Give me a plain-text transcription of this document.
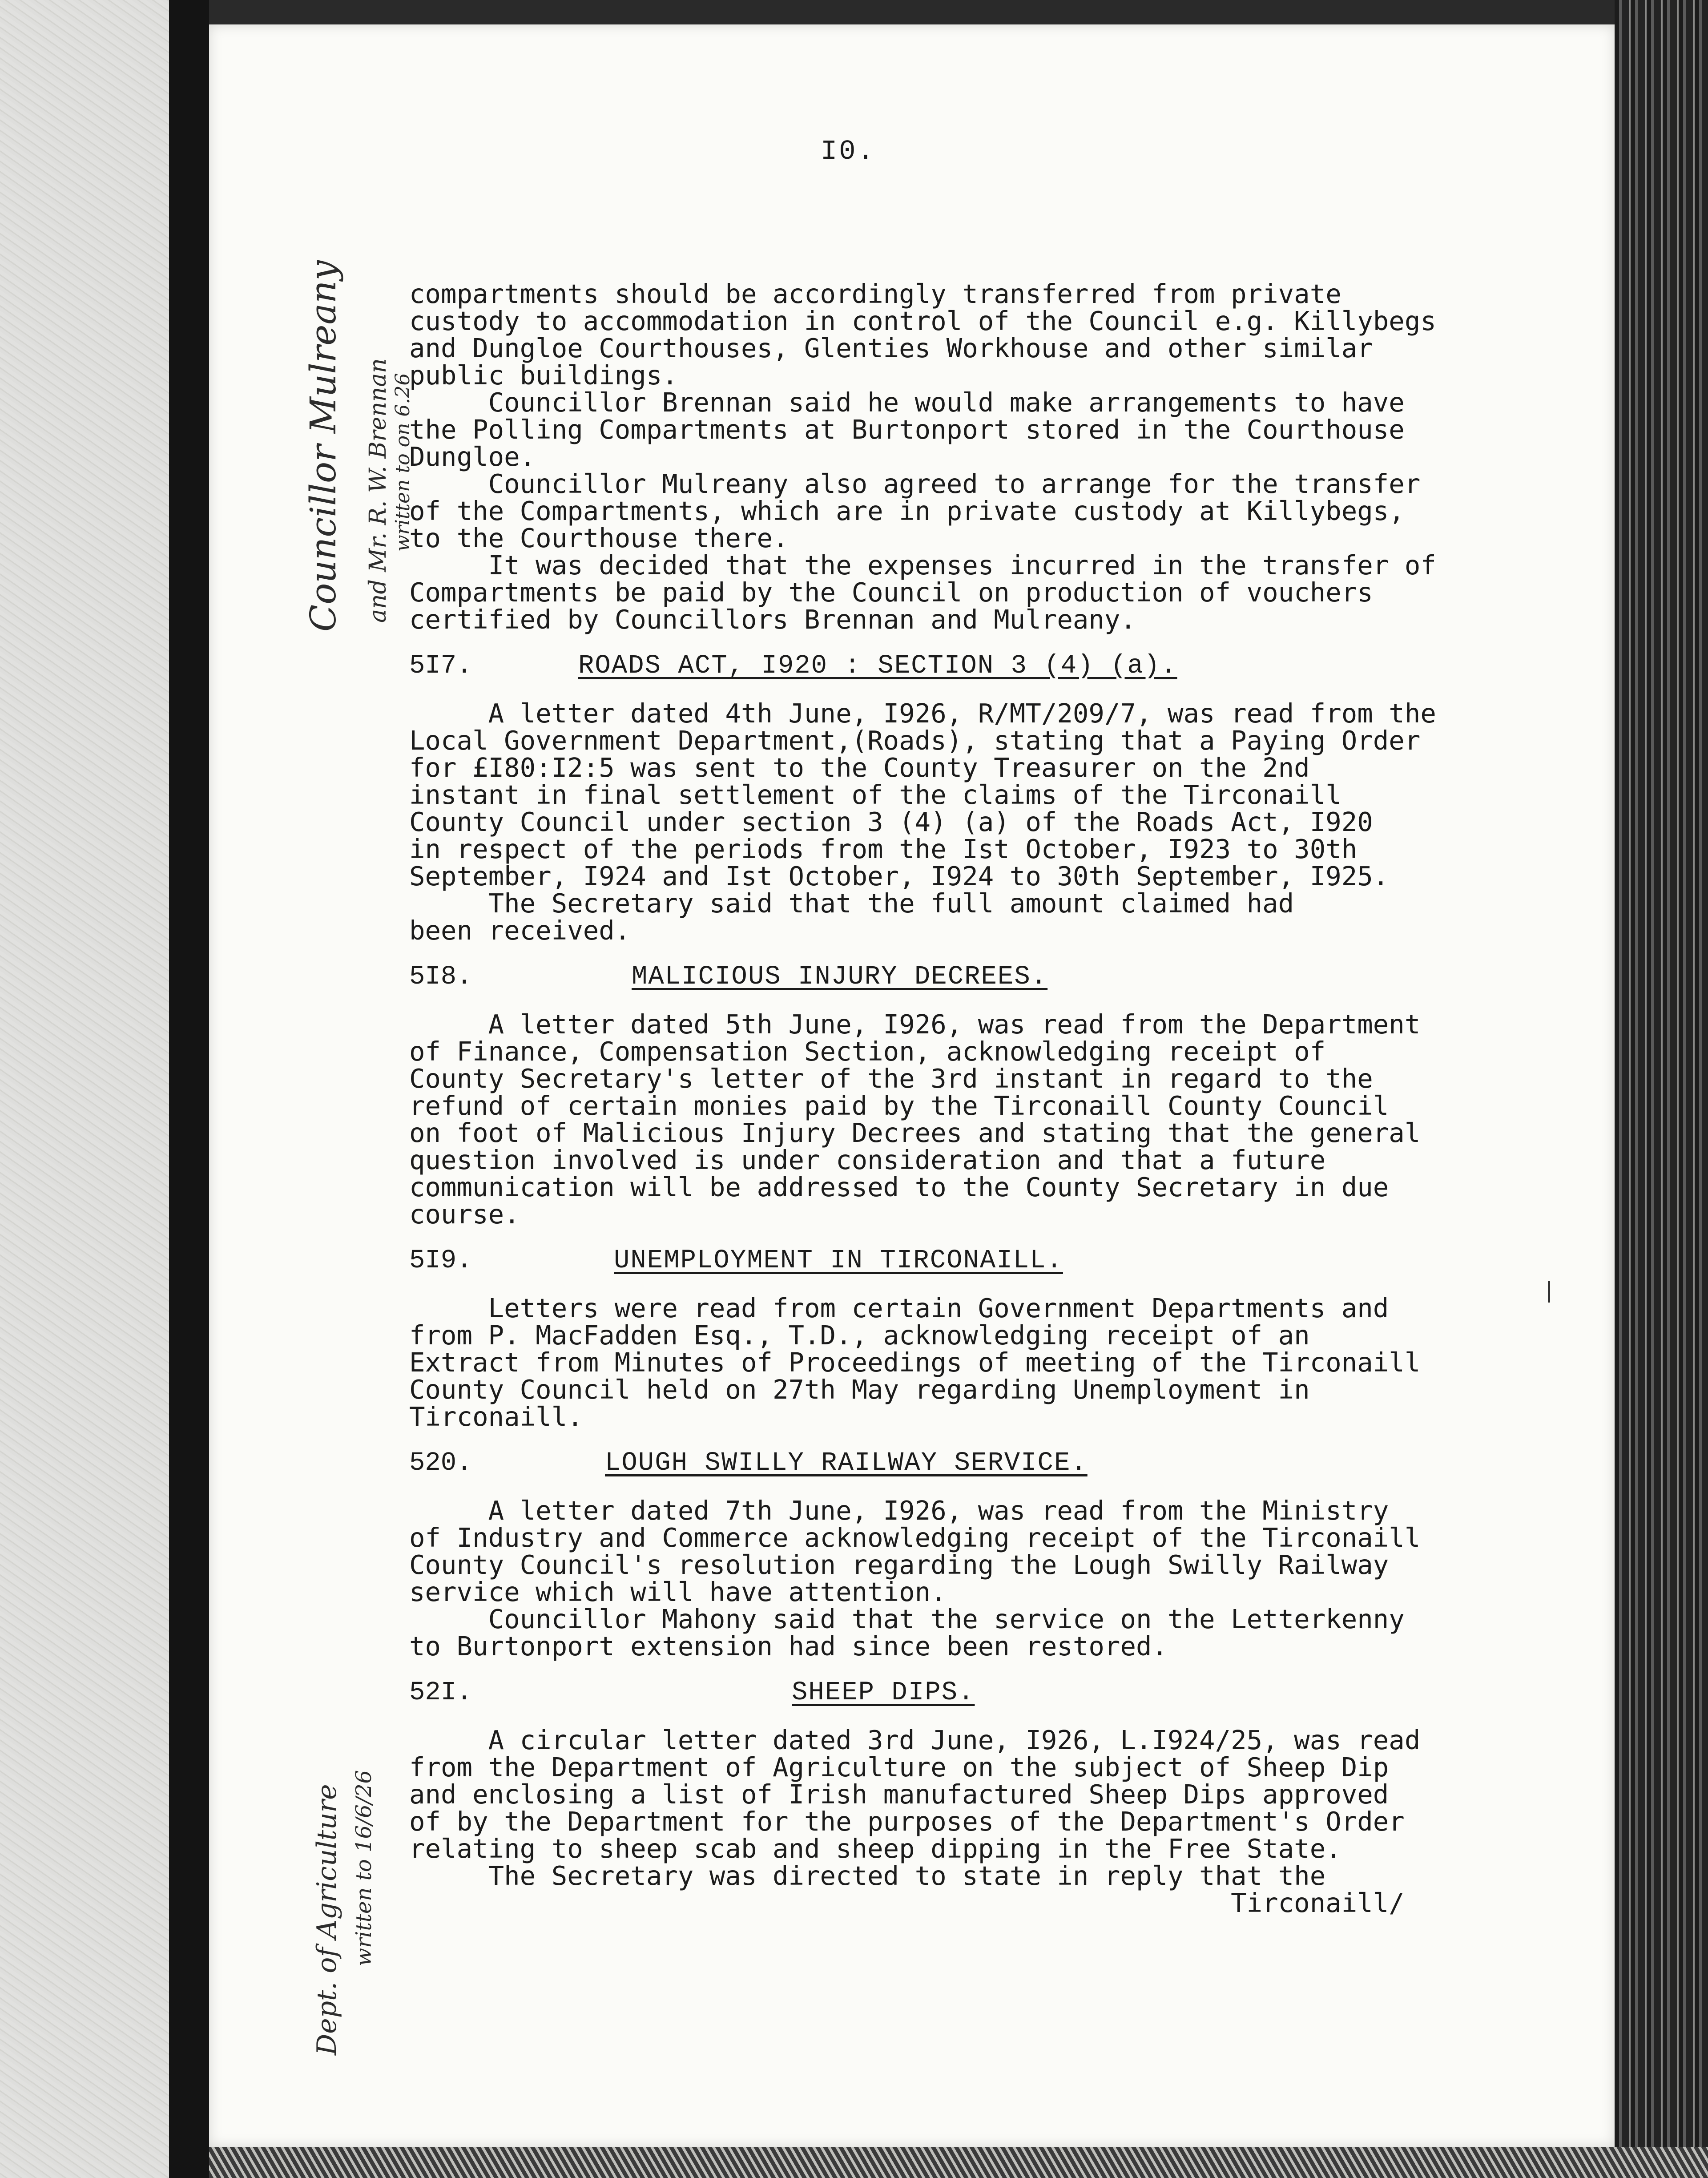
I0.
Councillor Mulreany and Mr. R. W. Brennan written to on 6.26
Dept. of Agriculture written to 16/6/26
compartments should be accordingly transferred from private
custody to accommodation in control of the Council e.g. Killybegs
and Dungloe Courthouses, Glenties Workhouse and other similar
public buildings.
Councillor Brennan said he would make arrangements to have
the Polling Compartments at Burtonport stored in the Courthouse
Dungloe.
Councillor Mulreany also agreed to arrange for the transfer
of the Compartments, which are in private custody at Killybegs,
to the Courthouse there.
It was decided that the expenses incurred in the transfer of
Compartments be paid by the Council on production of vouchers
certified by Councillors Brennan and Mulreany.
5I7.	ROADS ACT, I920 : SECTION 3 (4) (a).
A letter dated 4th June, I926, R/MT/209/7, was read from the
Local Government Department,(Roads), stating that a Paying Order
for £I80:I2:5 was sent to the County Treasurer on the 2nd
instant in final settlement of the claims of the Tirconaill
County Council under section 3 (4) (a) of the Roads Act, I920
in respect of the periods from the Ist October, I923 to 30th
September, I924 and Ist October, I924 to 30th September, I925.
The Secretary said that the full amount claimed had
been received.
5I8.	MALICIOUS INJURY DECREES.
A letter dated 5th June, I926, was read from the Department
of Finance, Compensation Section, acknowledging receipt of
County Secretary's letter of the 3rd instant in regard to the
refund of certain monies paid by the Tirconaill County Council
on foot of Malicious Injury Decrees and stating that the general
question involved is under consideration and that a future
communication will be addressed to the County Secretary in due
course.
5I9.	UNEMPLOYMENT IN TIRCONAILL.
Letters were read from certain Government Departments and
from P. MacFadden Esq., T.D., acknowledging receipt of an
Extract from Minutes of Proceedings of meeting of the Tirconaill
County Council held on 27th May regarding Unemployment in
Tirconaill.
520.	LOUGH SWILLY RAILWAY SERVICE.
A letter dated 7th June, I926, was read from the Ministry
of Industry and Commerce acknowledging receipt of the Tirconaill
County Council's resolution regarding the Lough Swilly Railway
service which will have attention.
Councillor Mahony said that the service on the Letterkenny
to Burtonport extension had since been restored.
52I.	SHEEP DIPS.
A circular letter dated 3rd June, I926, L.I924/25, was read
from the Department of Agriculture on the subject of Sheep Dip
and enclosing a list of Irish manufactured Sheep Dips approved
of by the Department for the purposes of the Department's Order
relating to sheep scab and sheep dipping in the Free State.
The Secretary was directed to state in reply that the
Tirconaill/
